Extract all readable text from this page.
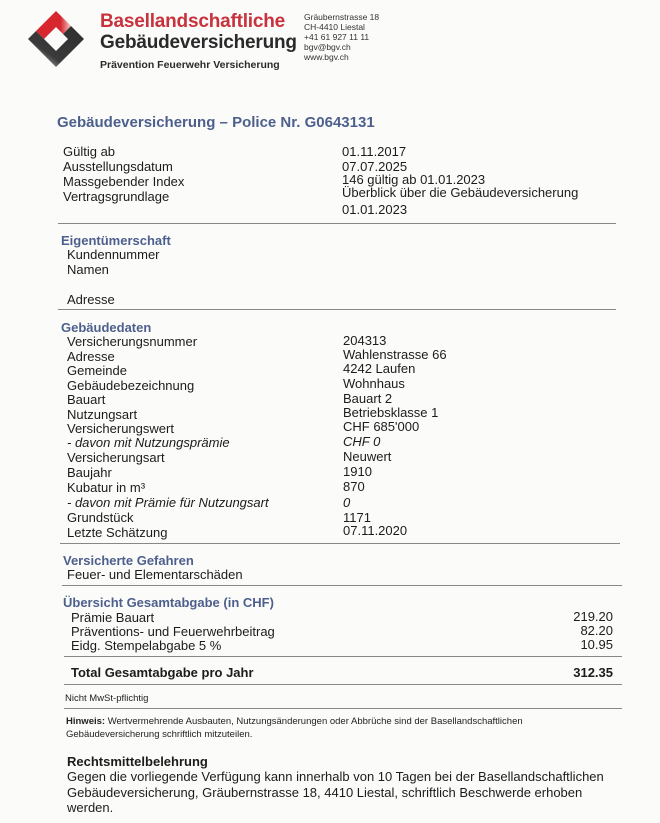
Basellandschaftliche
Gebäudeversicherung
Prävention Feuerwehr Versicherung
Gräubernstrasse 18
CH-4410 Liestal
+41 61 927 11 11
bgv@bgv.ch
www.bgv.ch
Gebäudeversicherung – Police Nr. G0643131
Gültig ab	01.11.2017
Ausstellungsdatum	07.07.2025
Massgebender Index	146 gültig ab 01.01.2023
Vertragsgrundlage	Überblick über die Gebäudeversicherung
01.01.2023
Eigentümerschaft
Kundennummer
Namen
Adresse
Gebäudedaten
Versicherungsnummer	204313
Adresse	Wahlenstrasse 66
Gemeinde	4242 Laufen
Gebäudebezeichnung	Wohnhaus
Bauart	Bauart 2
Nutzungsart	Betriebsklasse 1
Versicherungswert	CHF 685'000
- davon mit Nutzungsprämie	CHF 0
Versicherungsart	Neuwert
Baujahr	1910
Kubatur in m³	870
- davon mit Prämie für Nutzungsart	0
Grundstück	1171
Letzte Schätzung	07.11.2020
Versicherte Gefahren
Feuer- und Elementarschäden
Übersicht Gesamtabgabe (in CHF)
Prämie Bauart	219.20
Präventions- und Feuerwehrbeitrag	82.20
Eidg. Stempelabgabe 5 %	10.95
Total Gesamtabgabe pro Jahr	312.35
Nicht MwSt-pflichtig
Hinweis: Wertvermehrende Ausbauten, Nutzungsänderungen oder Abbrüche sind der Basellandschaftlichen
Gebäudeversicherung schriftlich mitzuteilen.
Rechtsmittelbelehrung
Gegen die vorliegende Verfügung kann innerhalb von 10 Tagen bei der Basellandschaftlichen Gebäudeversicherung, Gräubernstrasse 18, 4410 Liestal, schriftlich Beschwerde erhoben werden.
